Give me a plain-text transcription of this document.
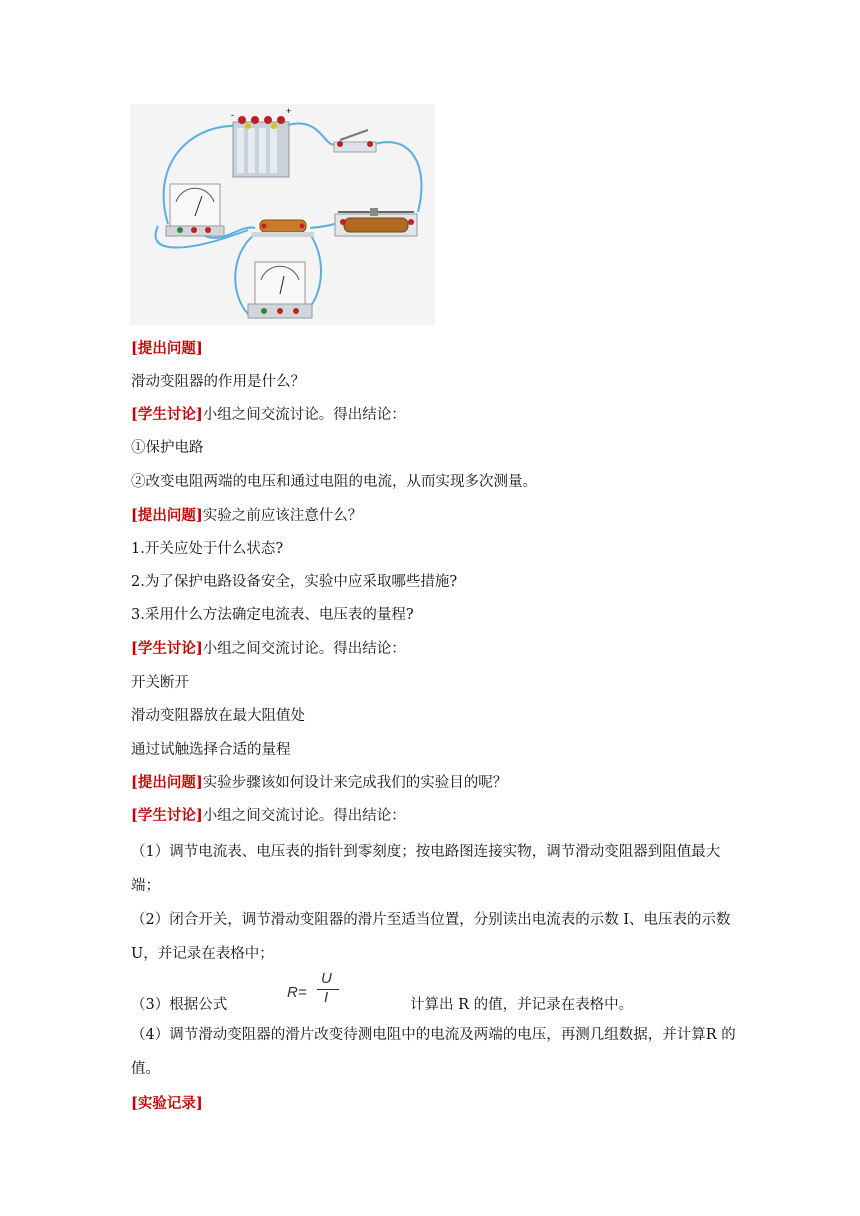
-	+
[提出问题]
滑动变阻器的作用是什么？
[学生讨论]小组之间交流讨论。得出结论：
①保护电路
②改变电阻两端的电压和通过电阻的电流，从而实现多次测量。
[提出问题]实验之前应该注意什么？
1.开关应处于什么状态?
2.为了保护电路设备安全，实验中应采取哪些措施?
3.采用什么方法确定电流表、电压表的量程?
[学生讨论]小组之间交流讨论。得出结论：
开关断开
滑动变阻器放在最大阻值处
通过试触选择合适的量程
[提出问题]实验步骤该如何设计来完成我们的实验目的呢？
[学生讨论]小组之间交流讨论。得出结论：
（1）调节电流表、电压表的指针到零刻度；按电路图连接实物，调节滑动变阻器到阻值最大端；
（2）闭合开关，调节滑动变阻器的滑片至适当位置，分别读出电流表的示数 I、电压表的示数 U，并记录在表格中；
（3）根据公式
R=
U
I	计算出 R 的值，并记录在表格中。
（4）调节滑动变阻器的滑片改变待测电阻中的电流及两端的电压，再测几组数据，并计算R 的值。
[实验记录]
